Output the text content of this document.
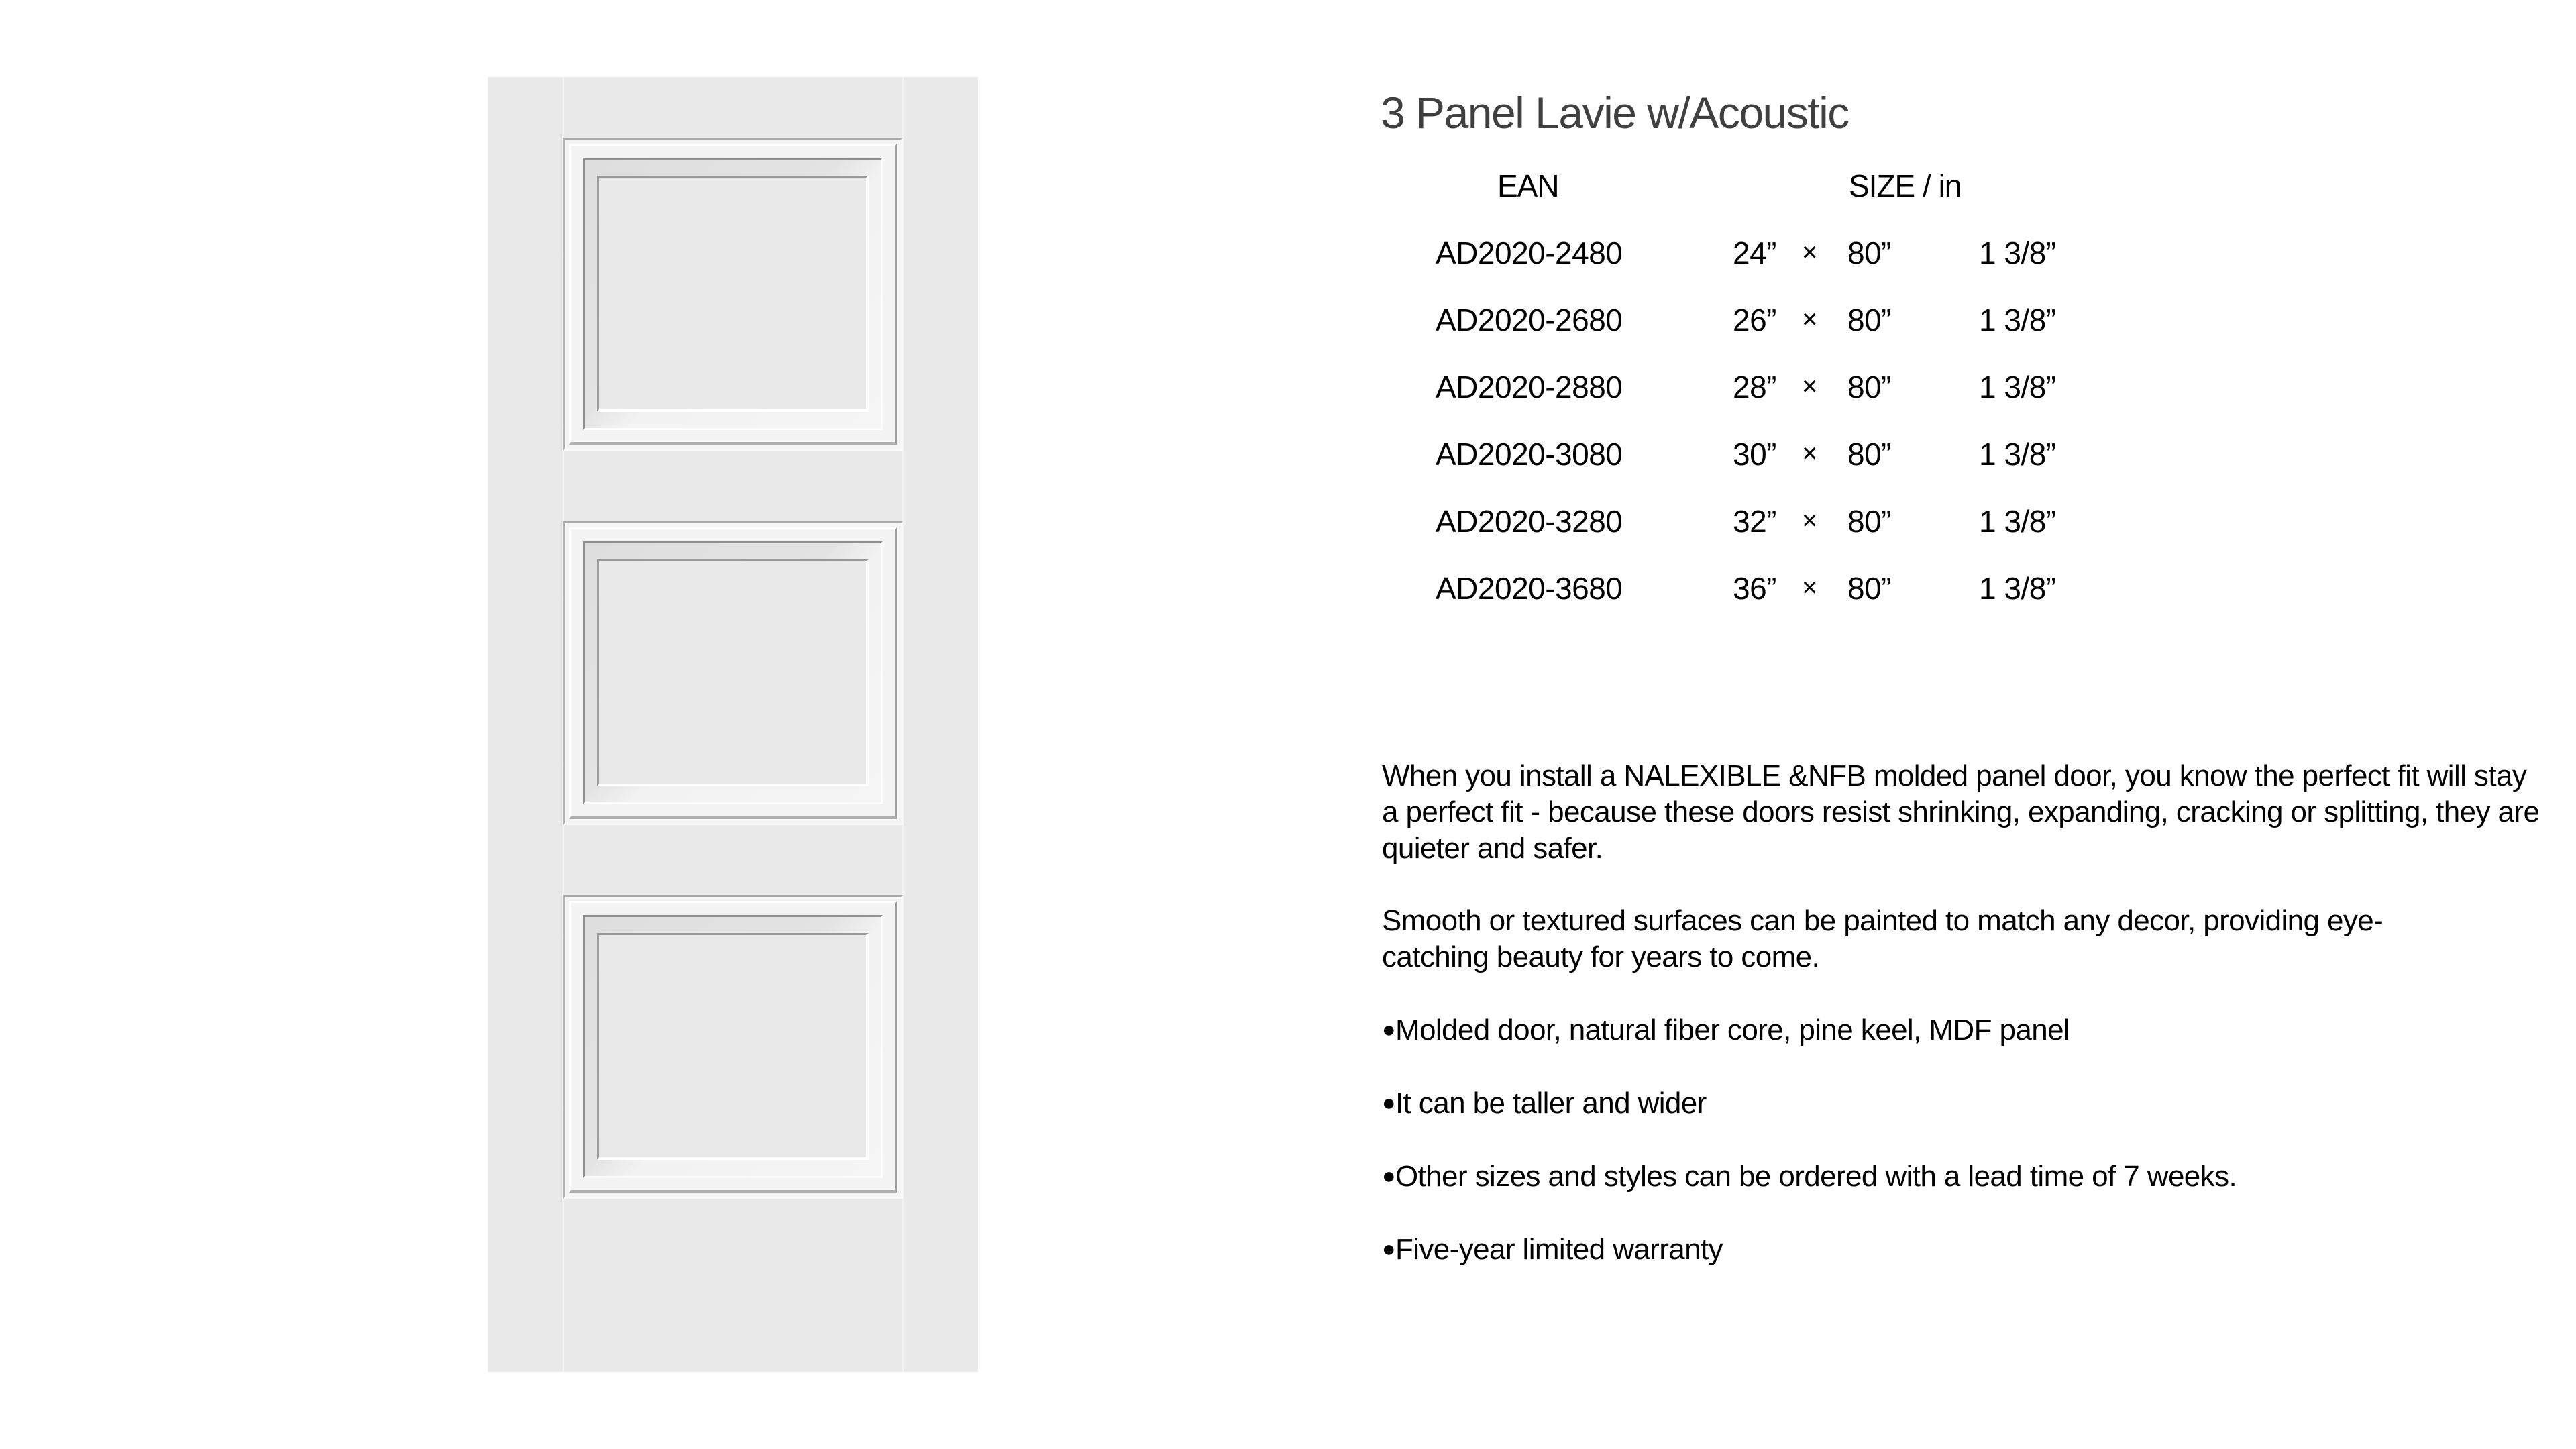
3 Panel Lavie w/Acoustic
EAN	SIZE / in
AD2020-2480	24” × 80”	1 3/8”
AD2020-2680	26” × 80”	1 3/8”
AD2020-2880	28” × 80”	1 3/8”
AD2020-3080	30” × 80”	1 3/8”
AD2020-3280	32” × 80”	1 3/8”
AD2020-3680	36” × 80”	1 3/8”

When you install a NALEXIBLE &NFB molded panel door, you know the perfect fit will stay a perfect fit - because these doors resist shrinking, expanding, cracking or splitting, they are quieter and safer.

Smooth or textured surfaces can be painted to match any decor, providing eye-catching beauty for years to come.

●Molded door, natural fiber core, pine keel, MDF panel

●It can be taller and wider

●Other sizes and styles can be ordered with a lead time of 7 weeks.

●Five-year limited warranty
